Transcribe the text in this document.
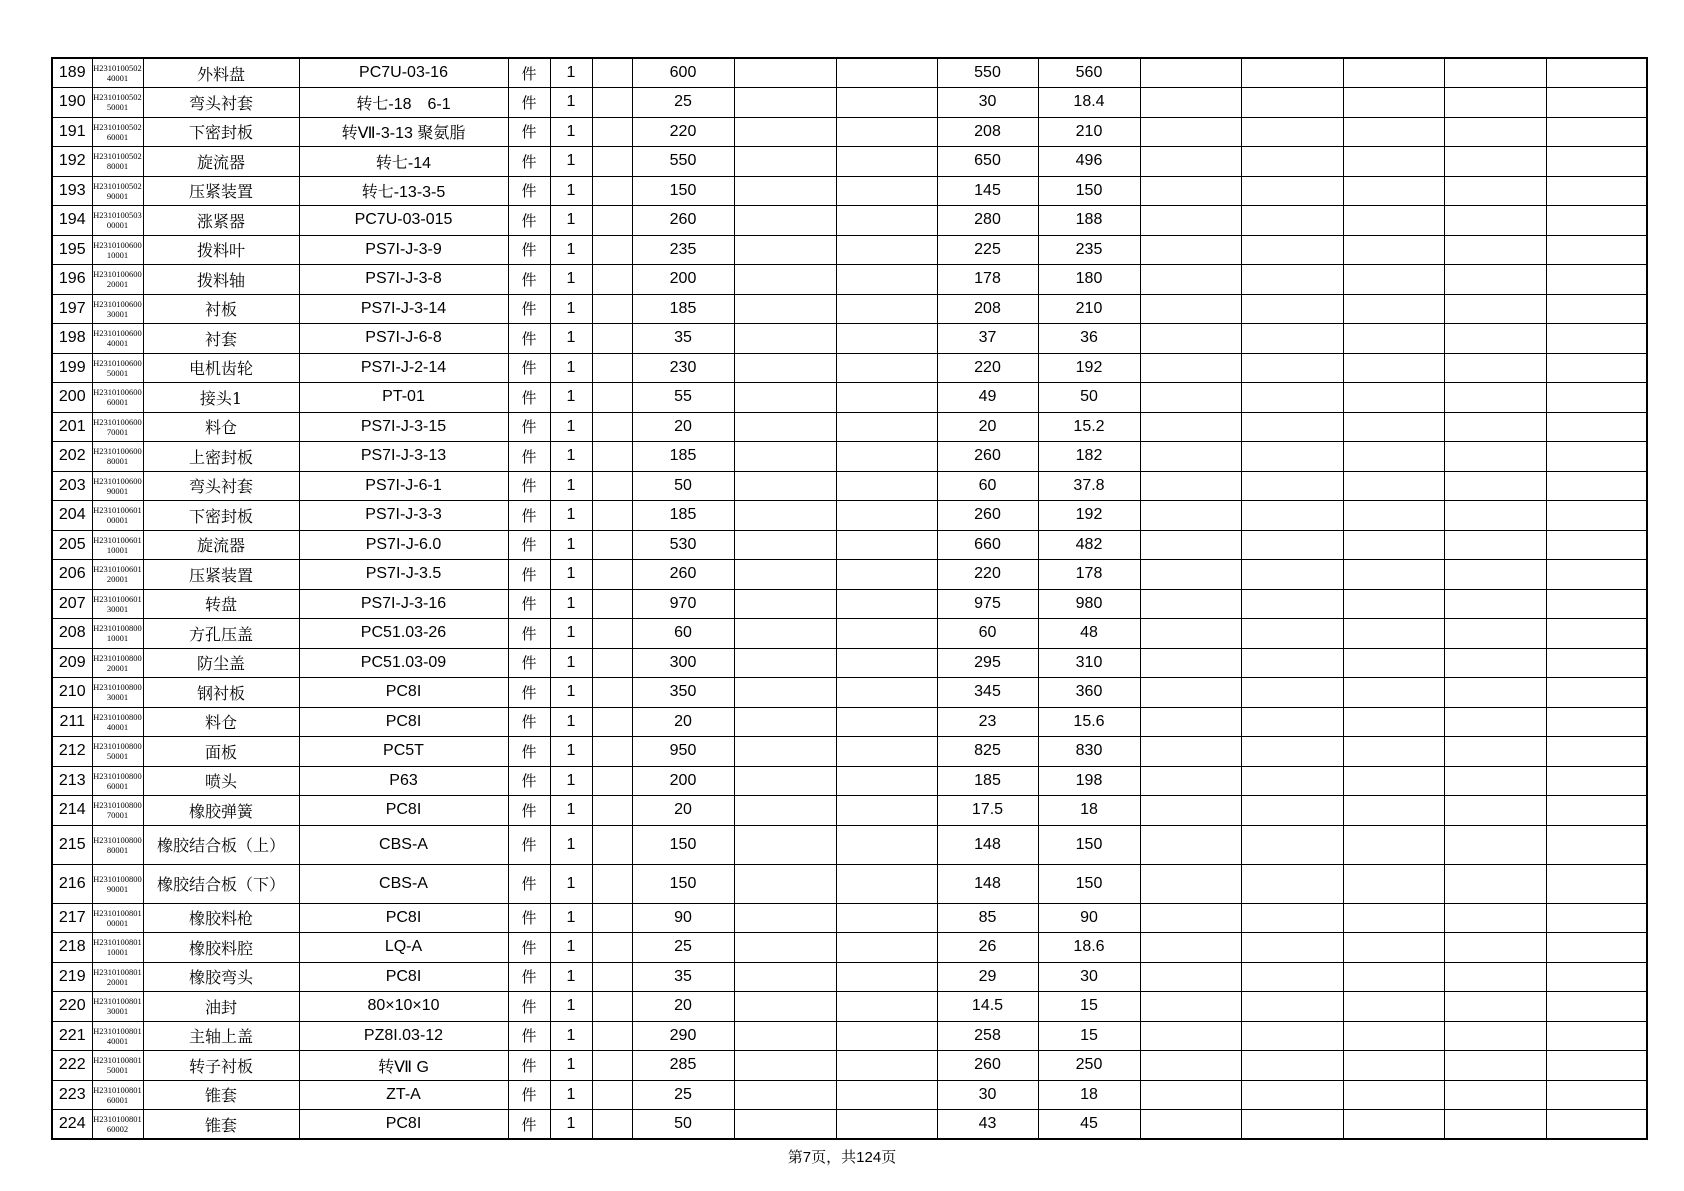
189	H231010050240001	外料盘	PC7U-03-16	件	1		600			550	560					
190	H231010050250001	弯头衬套	转七-18　6-1	件	1		25			30	18.4					
191	H231010050260001	下密封板	转Ⅶ-3-13 聚氨脂	件	1		220			208	210					
192	H231010050280001	旋流器	转七-14	件	1		550			650	496					
193	H231010050290001	压紧装置	转七-13-3-5	件	1		150			145	150					
194	H231010050300001	涨紧器	PC7U-03-015	件	1		260			280	188					
195	H231010060010001	拨料叶	PS7I-J-3-9	件	1		235			225	235					
196	H231010060020001	拨料轴	PS7I-J-3-8	件	1		200			178	180					
197	H231010060030001	衬板	PS7I-J-3-14	件	1		185			208	210					
198	H231010060040001	衬套	PS7I-J-6-8	件	1		35			37	36					
199	H231010060050001	电机齿轮	PS7I-J-2-14	件	1		230			220	192					
200	H231010060060001	接头1	PT-01	件	1		55			49	50					
201	H231010060070001	料仓	PS7I-J-3-15	件	1		20			20	15.2					
202	H231010060080001	上密封板	PS7I-J-3-13	件	1		185			260	182					
203	H231010060090001	弯头衬套	PS7I-J-6-1	件	1		50			60	37.8					
204	H231010060100001	下密封板	PS7I-J-3-3	件	1		185			260	192					
205	H231010060110001	旋流器	PS7I-J-6.0	件	1		530			660	482					
206	H231010060120001	压紧装置	PS7I-J-3.5	件	1		260			220	178					
207	H231010060130001	转盘	PS7I-J-3-16	件	1		970			975	980					
208	H231010080010001	方孔压盖	PC51.03-26	件	1		60			60	48					
209	H231010080020001	防尘盖	PC51.03-09	件	1		300			295	310					
210	H231010080030001	钢衬板	PC8I	件	1		350			345	360					
211	H231010080040001	料仓	PC8I	件	1		20			23	15.6					
212	H231010080050001	面板	PC5T	件	1		950			825	830					
213	H231010080060001	喷头	P63	件	1		200			185	198					
214	H231010080070001	橡胶弹簧	PC8I	件	1		20			17.5	18					
215	H231010080080001	橡胶结合板（上）	CBS-A	件	1		150			148	150					
216	H231010080090001	橡胶结合板（下）	CBS-A	件	1		150			148	150					
217	H231010080100001	橡胶料枪	PC8I	件	1		90			85	90					
218	H231010080110001	橡胶料腔	LQ-A	件	1		25			26	18.6					
219	H231010080120001	橡胶弯头	PC8I	件	1		35			29	30					
220	H231010080130001	油封	80×10×10	件	1		20			14.5	15					
221	H231010080140001	主轴上盖	PZ8I.03-12	件	1		290			258	15					
222	H231010080150001	转子衬板	转Ⅶ G	件	1		285			260	250					
223	H231010080160001	锥套	ZT-A	件	1		25			30	18					
224	H231010080160002	锥套	PC8I	件	1		50			43	45					
第7页，共124页
